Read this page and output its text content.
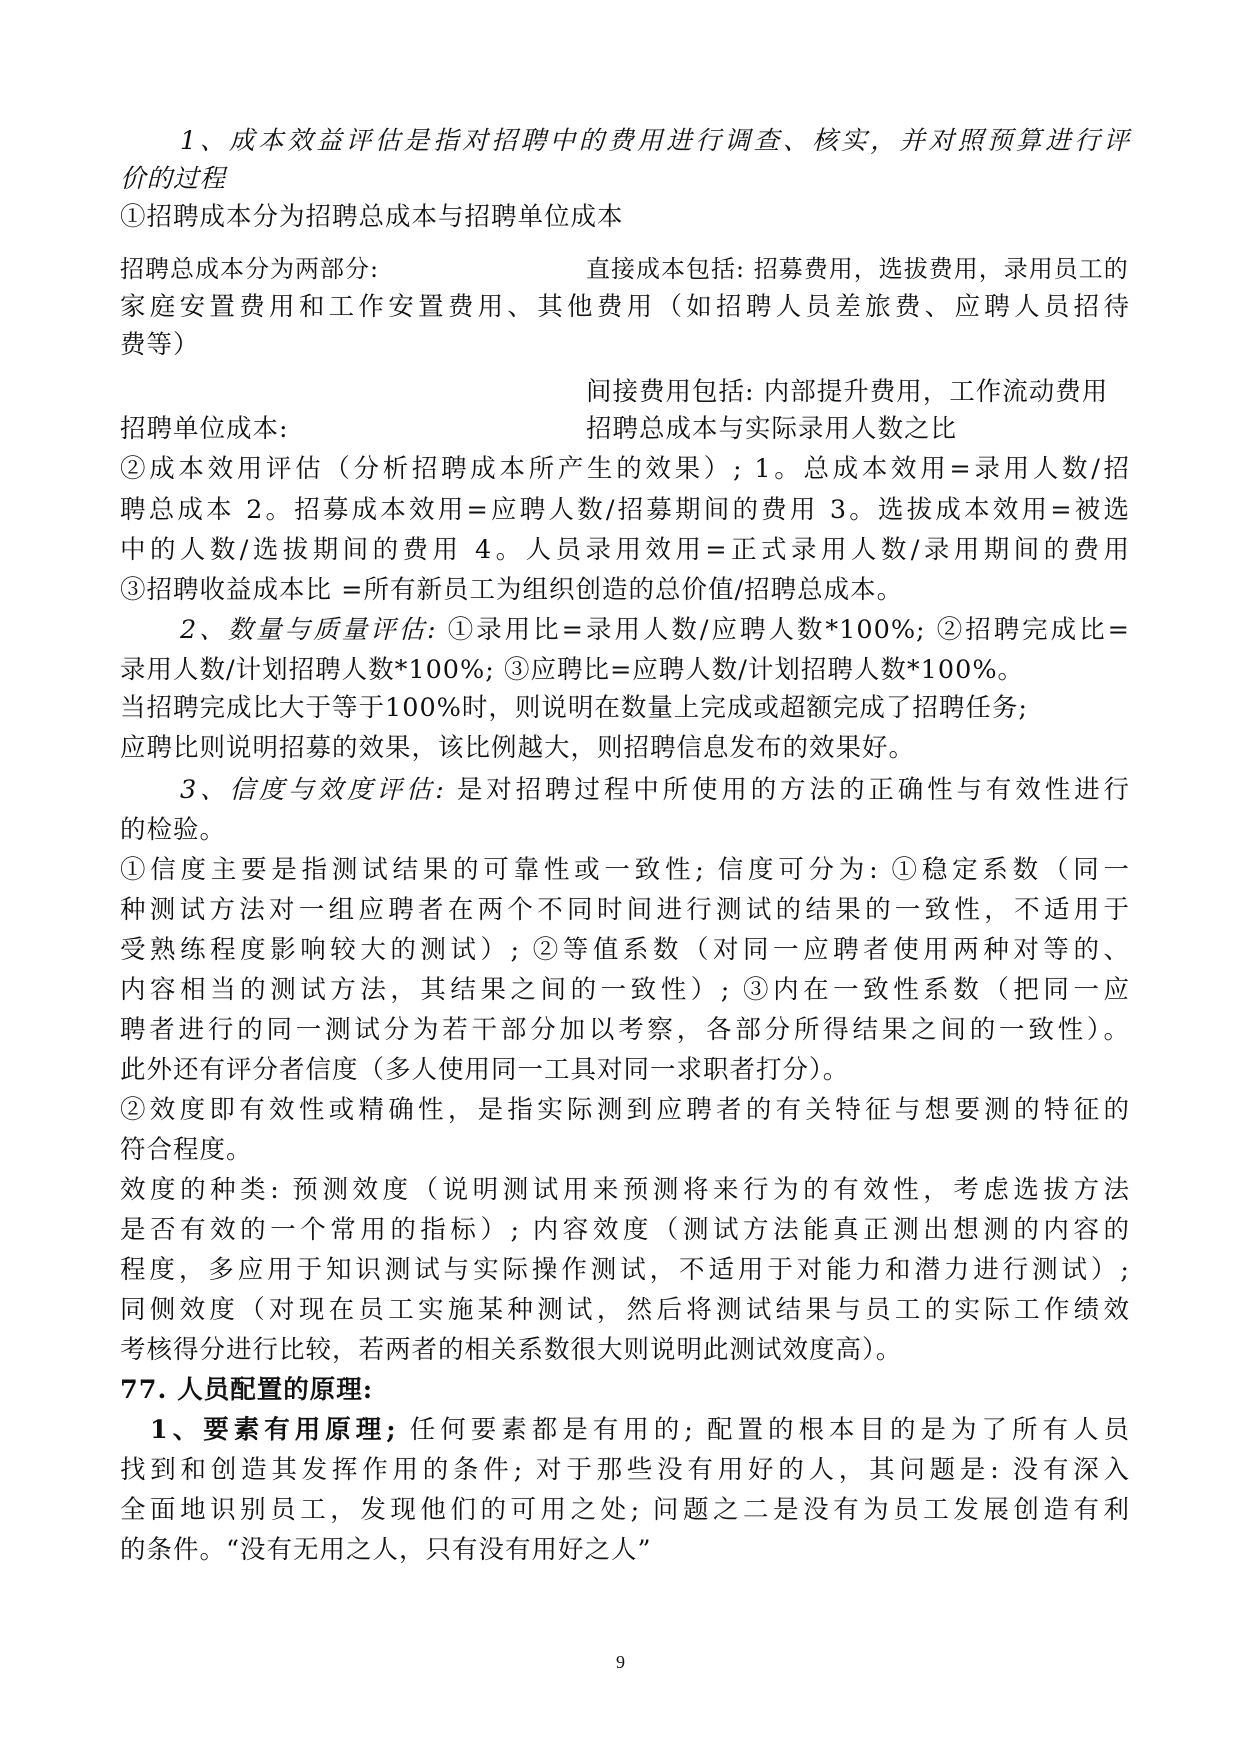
1、成本效益评估是指对招聘中的费用进行调查、核实，并对照预算进行评
价的过程
①招聘成本分为招聘总成本与招聘单位成本
招聘总成本分为两部分:	直接成本包括: 招募费用，选拔费用，录用员工的
家庭安置费用和工作安置费用、其他费用（如招聘人员差旅费、应聘人员招待
费等）
间接费用包括: 内部提升费用，工作流动费用
招聘单位成本:	招聘总成本与实际录用人数之比
②成本效用评估（分析招聘成本所产生的效果）; 1。总成本效用=录用人数/招
聘总成本 2。招募成本效用=应聘人数/招募期间的费用 3。选拔成本效用=被选
中的人数/选拔期间的费用 4。人员录用效用=正式录用人数/录用期间的费用
③招聘收益成本比 =所有新员工为组织创造的总价值/招聘总成本。
2、数量与质量评估: ①录用比=录用人数/应聘人数*100%; ②招聘完成比=
录用人数/计划招聘人数*100%; ③应聘比=应聘人数/计划招聘人数*100%。
当招聘完成比大于等于100%时，则说明在数量上完成或超额完成了招聘任务;
应聘比则说明招募的效果，该比例越大，则招聘信息发布的效果好。
3、信度与效度评估: 是对招聘过程中所使用的方法的正确性与有效性进行
的检验。
①信度主要是指测试结果的可靠性或一致性; 信度可分为: ①稳定系数（同一
种测试方法对一组应聘者在两个不同时间进行测试的结果的一致性，不适用于
受熟练程度影响较大的测试）; ②等值系数（对同一应聘者使用两种对等的、
内容相当的测试方法，其结果之间的一致性）; ③内在一致性系数（把同一应
聘者进行的同一测试分为若干部分加以考察，各部分所得结果之间的一致性）。
此外还有评分者信度（多人使用同一工具对同一求职者打分）。
②效度即有效性或精确性，是指实际测到应聘者的有关特征与想要测的特征的
符合程度。
效度的种类: 预测效度（说明测试用来预测将来行为的有效性，考虑选拔方法
是否有效的一个常用的指标）; 内容效度（测试方法能真正测出想测的内容的
程度，多应用于知识测试与实际操作测试，不适用于对能力和潜力进行测试）;
同侧效度（对现在员工实施某种测试，然后将测试结果与员工的实际工作绩效
考核得分进行比较，若两者的相关系数很大则说明此测试效度高）。
77. 人员配置的原理:
1、要素有用原理; 任何要素都是有用的; 配置的根本目的是为了所有人员
找到和创造其发挥作用的条件; 对于那些没有用好的人，其问题是: 没有深入
全面地识别员工，发现他们的可用之处; 问题之二是没有为员工发展创造有利
的条件。“没有无用之人，只有没有用好之人”
9
